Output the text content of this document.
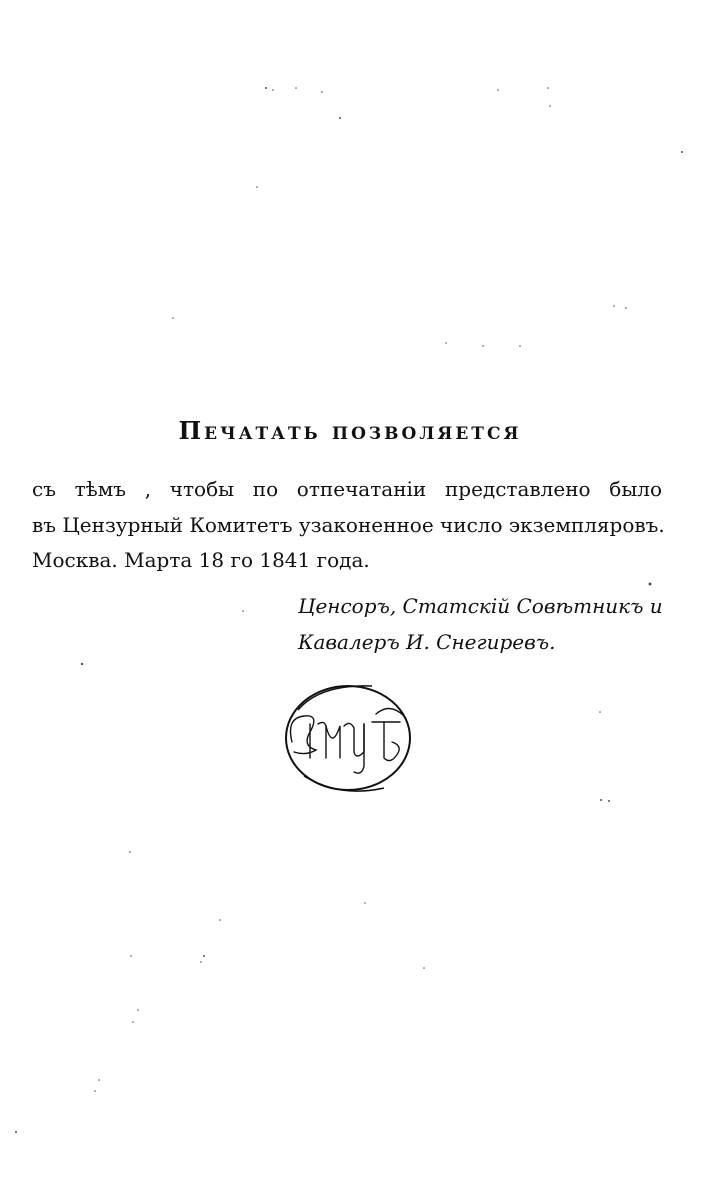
Печатать позволяется
съ тѣмъ , чтобы по отпечатаніи представлено было
въ Цензурный Комитетъ узаконенное число экземпляровъ.
Москва. Марта 18 го 1841 года.
Ценсоръ, Статскій Совѣтникъ и
Кавалеръ И. Снегиревъ.
